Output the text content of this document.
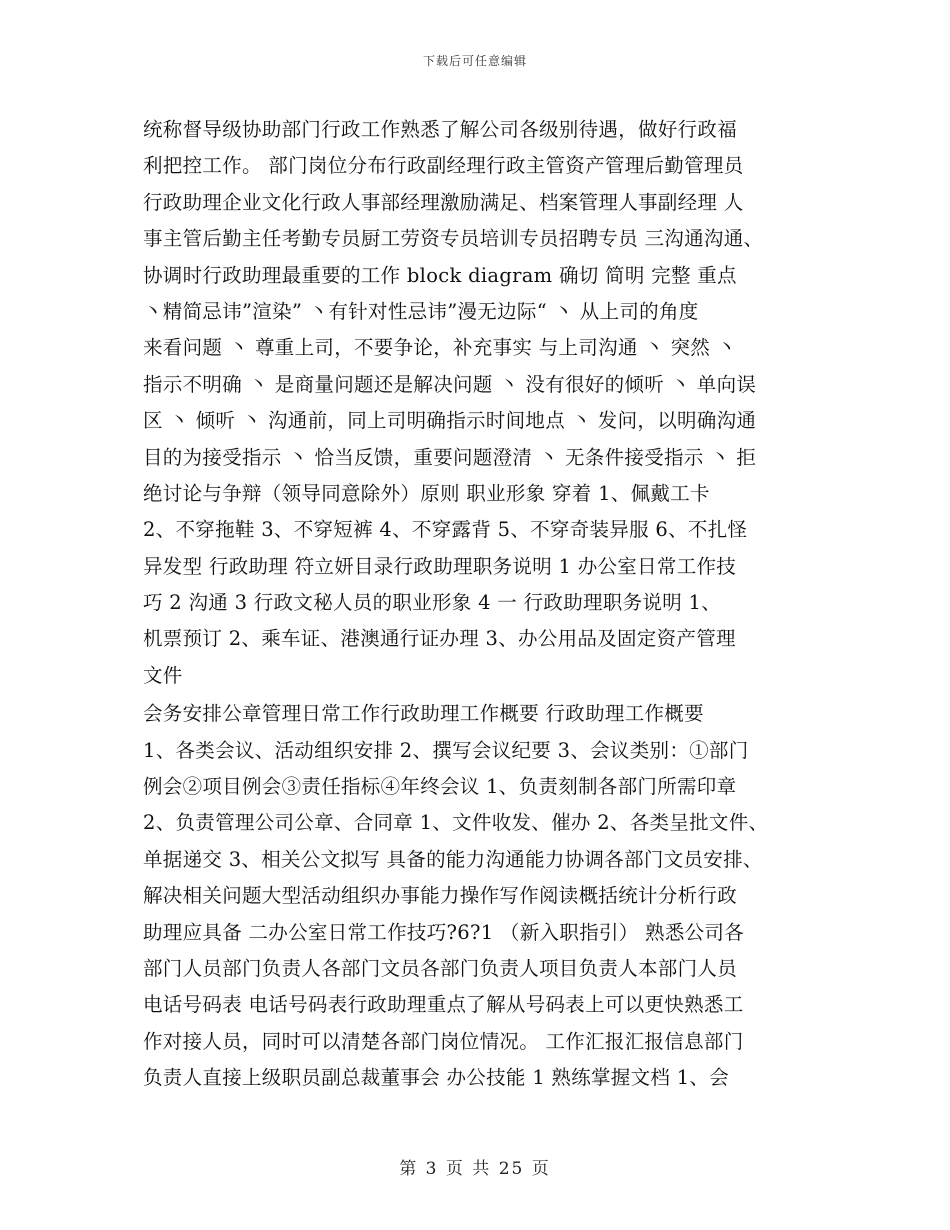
下载后可任意编辑
统称督导级协助部门行政工作熟悉了解公司各级别待遇，做好行政福
利把控工作。 部门岗位分布行政副经理行政主管资产管理后勤管理员
行政助理企业文化行政人事部经理激励满足、档案管理人事副经理 人
事主管后勤主任考勤专员厨工劳资专员培训专员招聘专员 三沟通沟通、
协调时行政助理最重要的工作 block diagram 确切 简明 完整 重点
丶精简忌讳”渲染” 丶有针对性忌讳”漫无边际“ 丶 从上司的角度
来看问题 丶 尊重上司，不要争论，补充事实 与上司沟通 丶 突然 丶
指示不明确 丶 是商量问题还是解决问题 丶 没有很好的倾听 丶 单向误
区 丶 倾听 丶 沟通前，同上司明确指示时间地点 丶 发问，以明确沟通
目的为接受指示 丶 恰当反馈，重要问题澄清 丶 无条件接受指示 丶 拒
绝讨论与争辩（领导同意除外）原则 职业形象 穿着 1、佩戴工卡
2、不穿拖鞋 3、不穿短裤 4、不穿露背 5、不穿奇装异服 6、不扎怪
异发型 行政助理 符立妍目录行政助理职务说明 1 办公室日常工作技
巧 2 沟通 3 行政文秘人员的职业形象 4 一 行政助理职务说明 1、
机票预订 2、乘车证、港澳通行证办理 3、办公用品及固定资产管理
文件
会务安排公章管理日常工作行政助理工作概要 行政助理工作概要
1、各类会议、活动组织安排 2、撰写会议纪要 3、会议类别：①部门
例会②项目例会③责任指标④年终会议 1、负责刻制各部门所需印章
2、负责管理公司公章、合同章 1、文件收发、催办 2、各类呈批文件、
单据递交 3、相关公文拟写 具备的能力沟通能力协调各部门文员安排、
解决相关问题大型活动组织办事能力操作写作阅读概括统计分析行政
助理应具备 二办公室日常工作技巧?6?1 （新入职指引） 熟悉公司各
部门人员部门负责人各部门文员各部门负责人项目负责人本部门人员
电话号码表 电话号码表行政助理重点了解从号码表上可以更快熟悉工
作对接人员，同时可以清楚各部门岗位情况。 工作汇报汇报信息部门
负责人直接上级职员副总裁董事会 办公技能 1 熟练掌握文档 1、会
第 3 页 共 25 页
